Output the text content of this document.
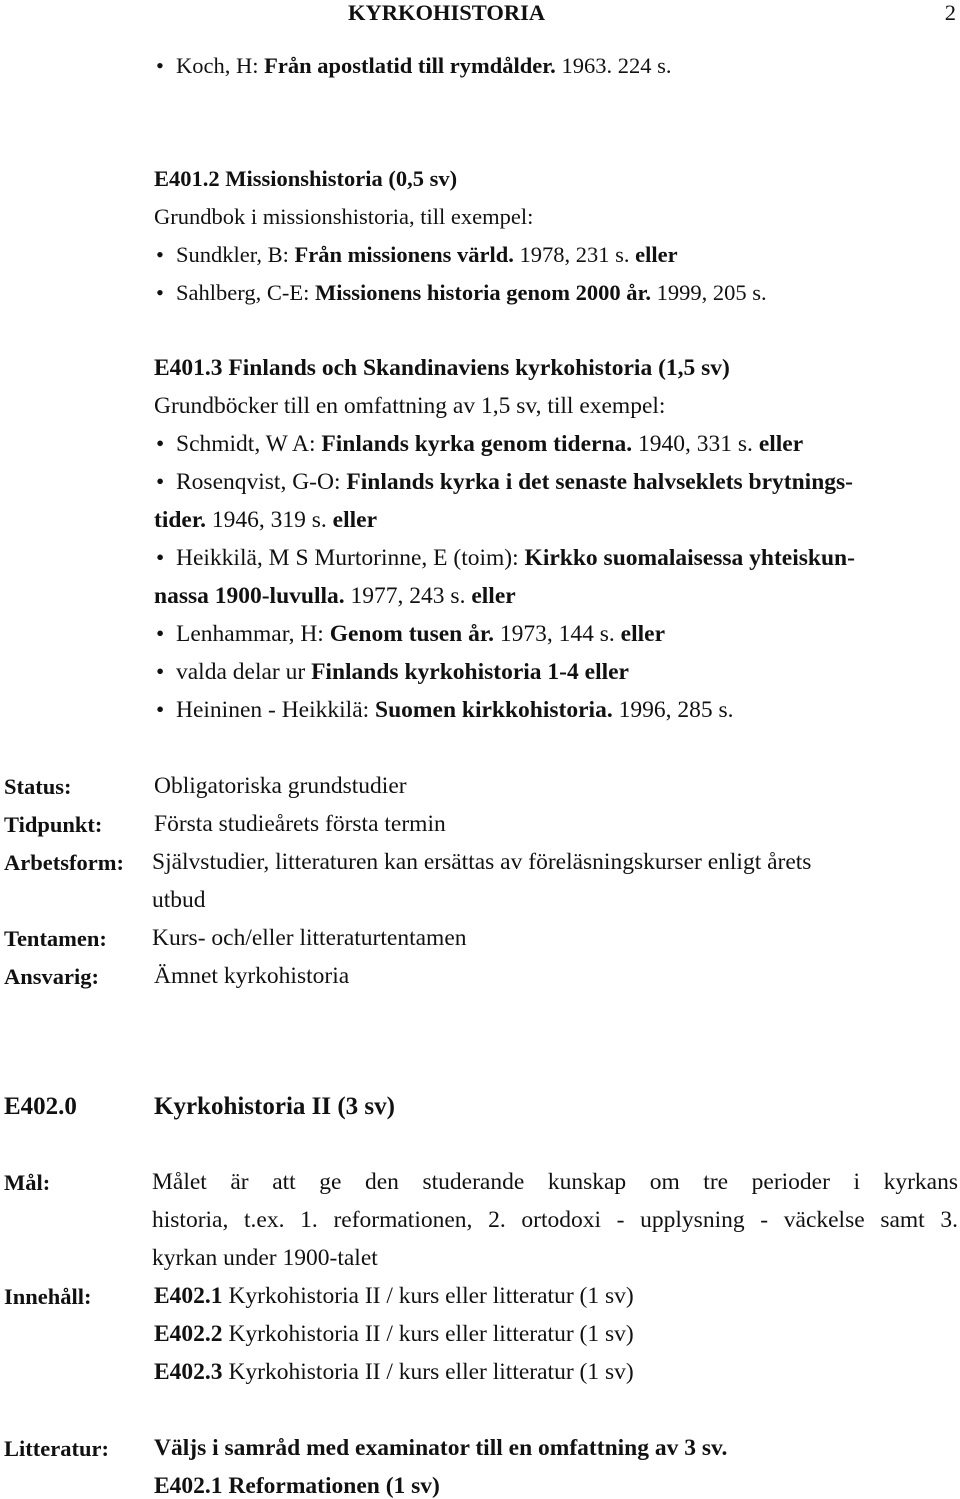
KYRKOHISTORIA	2
• Koch, H: Från apostlatid till rymdålder. 1963. 224 s.
E401.2 Missionshistoria (0,5 sv)
Grundbok i missionshistoria, till exempel:
• Sundkler, B: Från missionens värld. 1978, 231 s. eller
• Sahlberg, C-E: Missionens historia genom 2000 år. 1999, 205 s.
E401.3 Finlands och Skandinaviens kyrkohistoria (1,5 sv)
Grundböcker till en omfattning av 1,5 sv, till exempel:
• Schmidt, W A: Finlands kyrka genom tiderna. 1940, 331 s. eller
• Rosenqvist, G-O: Finlands kyrka i det senaste halvseklets brytnings-
tider. 1946, 319 s. eller
• Heikkilä, M S Murtorinne, E (toim): Kirkko suomalaisessa yhteiskun-
nassa 1900-luvulla. 1977, 243 s. eller
• Lenhammar, H: Genom tusen år. 1973, 144 s. eller
• valda delar ur Finlands kyrkohistoria 1-4 eller
• Heininen - Heikkilä: Suomen kirkkohistoria. 1996, 285 s.
Status:	Obligatoriska grundstudier
Tidpunkt: Första studieårets första termin
Arbetsform: Självstudier, litteraturen kan ersättas av föreläsningskurser enligt årets
utbud
Tentamen: Kurs- och/eller litteraturtentamen
Ansvarig: Ämnet kyrkohistoria
E402.0	Kyrkohistoria II (3 sv)
Mål:	Målet är att ge den studerande kunskap om tre perioder i kyrkans
historia, t.ex. 1. reformationen, 2. ortodoxi - upplysning - väckelse samt 3.
kyrkan under 1900-talet
Innehåll:	E402.1 Kyrkohistoria II / kurs eller litteratur (1 sv)
E402.2 Kyrkohistoria II / kurs eller litteratur (1 sv)
E402.3 Kyrkohistoria II / kurs eller litteratur (1 sv)
Litteratur: Väljs i samråd med examinator till en omfattning av 3 sv.
E402.1 Reformationen (1 sv)
